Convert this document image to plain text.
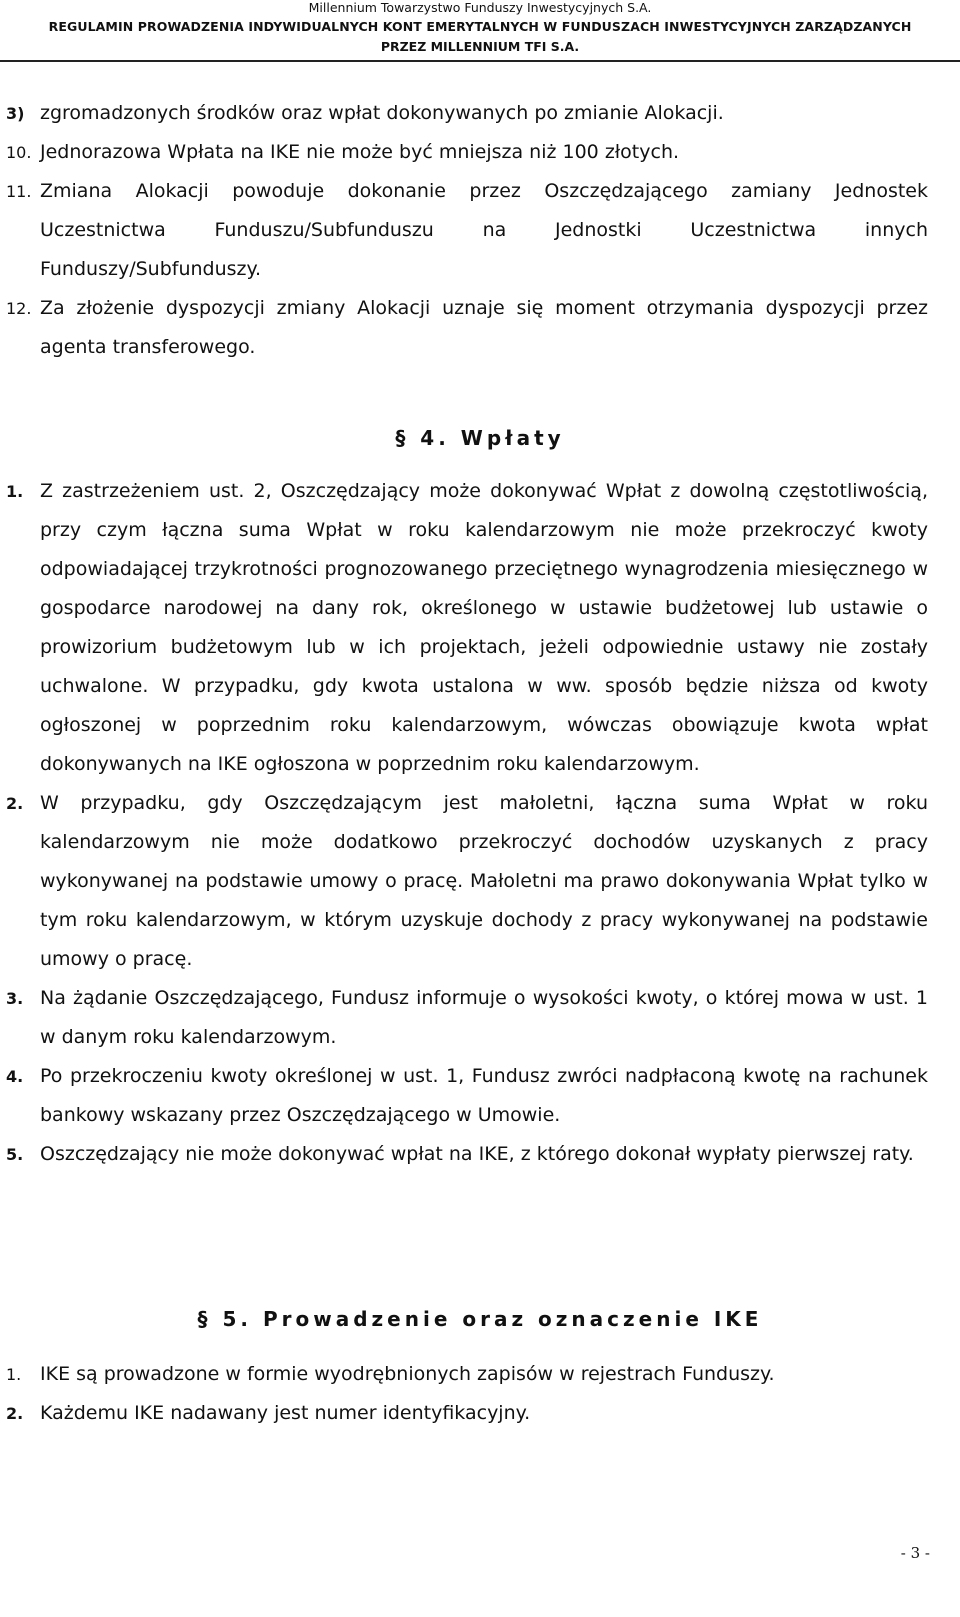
Millennium Towarzystwo Funduszy Inwestycyjnych S.A.
REGULAMIN PROWADZENIA INDYWIDUALNYCH KONT EMERYTALNYCH W FUNDUSZACH INWESTYCYJNYCH ZARZĄDZANYCH
PRZEZ MILLENNIUM TFI S.A.
3) zgromadzonych środków oraz wpłat dokonywanych po zmianie Alokacji.
10. Jednorazowa Wpłata na IKE nie może być mniejsza niż 100 złotych.
11. Zmiana Alokacji powoduje dokonanie przez Oszczędzającego zamiany Jednostek Uczestnictwa Funduszu/Subfunduszu na Jednostki Uczestnictwa innych Funduszy/Subfunduszy.
12. Za złożenie dyspozycji zmiany Alokacji uznaje się moment otrzymania dyspozycji przez agenta transferowego.
§ 4. Wpłaty
1. Z zastrzeżeniem ust. 2, Oszczędzający może dokonywać Wpłat z dowolną częstotliwością, przy czym łączna suma Wpłat w roku kalendarzowym nie może przekroczyć kwoty odpowiadającej trzykrotności prognozowanego przeciętnego wynagrodzenia miesięcznego w gospodarce narodowej na dany rok, określonego w ustawie budżetowej lub ustawie o prowizorium budżetowym lub w ich projektach, jeżeli odpowiednie ustawy nie zostały uchwalone. W przypadku, gdy kwota ustalona w ww. sposób będzie niższa od kwoty ogłoszonej w poprzednim roku kalendarzowym, wówczas obowiązuje kwota wpłat dokonywanych na IKE ogłoszona w poprzednim roku kalendarzowym.
2. W przypadku, gdy Oszczędzającym jest małoletni, łączna suma Wpłat w roku kalendarzowym nie może dodatkowo przekroczyć dochodów uzyskanych z pracy wykonywanej na podstawie umowy o pracę. Małoletni ma prawo dokonywania Wpłat tylko w tym roku kalendarzowym, w którym uzyskuje dochody z pracy wykonywanej na podstawie umowy o pracę.
3. Na żądanie Oszczędzającego, Fundusz informuje o wysokości kwoty, o której mowa w ust. 1 w danym roku kalendarzowym.
4. Po przekroczeniu kwoty określonej w ust. 1, Fundusz zwróci nadpłaconą kwotę na rachunek bankowy wskazany przez Oszczędzającego w Umowie.
5. Oszczędzający nie może dokonywać wpłat na IKE, z którego dokonał wypłaty pierwszej raty.
§ 5. Prowadzenie oraz oznaczenie IKE
1. IKE są prowadzone w formie wyodrębnionych zapisów w rejestrach Funduszy.
2. Każdemu IKE nadawany jest numer identyfikacyjny.
- 3 -
